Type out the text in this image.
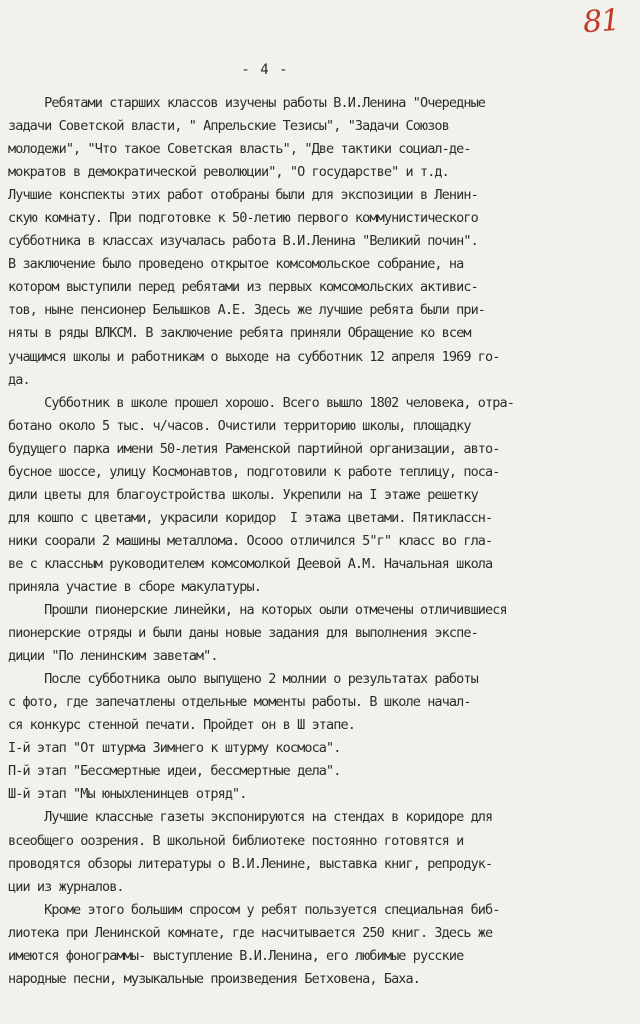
81
- 4 -
Ребятами старших классов изучены работы В.И.Ленина "Очередные
задачи Советской власти, " Апрельские Тезисы", "Задачи Союзов
молодежи", "Что такое Советская власть", "Две тактики социал-де-
мократов в демократической революции", "О государстве" и т.д.
Лучшие конспекты этих работ отобраны были для экспозиции в Ленин-
скую комнату. При подготовке к 50-летию первого коммунистического
субботника в классах изучалась работа В.И.Ленина "Великий почин".
В заключение было проведено открытое комсомольское собрание, на
котором выступили перед ребятами из первых комсомольских активис-
тов, ныне пенсионер Белышков А.Е. Здесь же лучшие ребята были при-
няты в ряды ВЛКСМ. В заключение ребята приняли Обращение ко всем
учащимся школы и работникам о выходе на субботник 12 апреля 1969 го-
да.
Субботник в школе прошел хорошо. Всего вышло 1802 человека, отра-
ботано около 5 тыс. ч/часов. Очистили территорию школы, площадку
будущего парка имени 50-летия Раменской партийной организации, авто-
бусное шоссе, улицу Космонавтов, подготовили к работе теплицу, поса-
дили цветы для благоустройства школы. Укрепили на I этаже решетку
для кошпо с цветами, украсили коридор  I этажа цветами. Пятиклассн-
ники соорали 2 машины металлома. Осооо отличился 5"г" класс во гла-
ве с классным руководителем комсомолкой Деевой А.М. Начальная школа
приняла участие в сборе макулатуры.
Прошли пионерские линейки, на которых оыли отмечены отличившиеся
пионерские отряды и были даны новые задания для выполнения экспе-
диции "По ленинским заветам".
После субботника оыло выпущено 2 молнии о результатах работы
с фото, где запечатлены отдельные моменты работы. В школе начал-
ся конкурс стенной печати. Пройдет он в Ш этапе.
I-й этап "От штурма Зимнего к штурму космоса".
П-й этап "Бессмертные идеи, бессмертные дела".
Ш-й этап "Мы юныхленинцев отряд".
Лучшие классные газеты экспонируются на стендах в коридоре для
всеобщего оозрения. В школьной библиотеке постоянно готовятся и
проводятся обзоры литературы о В.И.Ленине, выставка книг, репродук-
ции из журналов.
Кроме этого большим спросом у ребят пользуется специальная биб-
лиотека при Ленинской комнате, где насчитывается 250 книг. Здесь же
имеются фонограммы- выступление В.И.Ленина, его любимые русские
народные песни, музыкальные произведения Бетховена, Баха.
